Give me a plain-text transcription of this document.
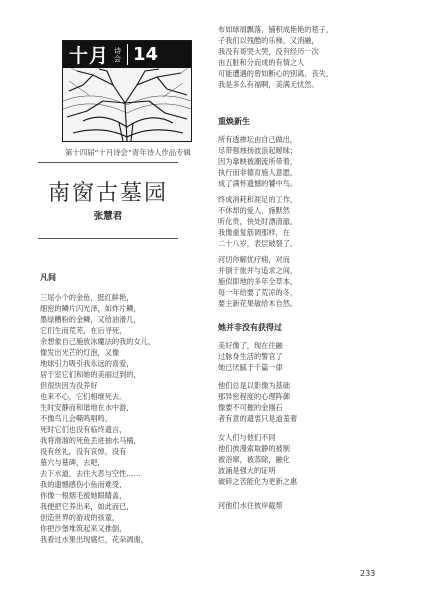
十月 诗会 14
第十四届“十月诗会”青年诗人作品专辑
南窗古墓园
张慧君
凡间
三尾小个的金鱼，挺红鲜艳，
细密的鳞片闪光泽，如炸片鳞，
墨绿糟粉的金鳞，又给油滑几，
它们生而荒芜，在后寻死，
余想象自己施放冰魔法的我的女儿，
像发出光芒的灯泡，又像
地球引力吸引我永远的喜爱，
居于室它们和她的美丽过到的，
但很快因为没养好
也来不心，它们相继死去。
生时安静而和谐地在水中游，
不像鸟儿会嘶鸣唱鸣，
死时它们也没有临终遗言，
我将滑溜的死鱼丢进抽水马桶，
没有丝礼，没有哀悼，没有
墓穴与墓碑，去吧，
去下水道，去往大恶与空性……
我的遗憾感伤小鱼而难受，
你像一根烟毛被她眼睛盖，
我便把它养出来，如此而已，
创造世界的游戏的孩童，
你把沙堡堆筑起来又推倒，
我看过水果出现腐烂，花朵凋谢，
布如球屑飘落，铺积成艳艳的毯子，
子我们以残酷的乐梯，又消融，
我没有哥哭大哭，没有经历一次
由五脏和分而成的有情之人
可能遭遇的曾如断心的别离、丧失，
我是多么有福啊，美满无忧然。
重焕新生
所有透掺坛由自己做出，
尽带强烛扬波浪起暧昧；
因为靠映被潮流所带着，
执行而非德育施人意愿，
成了满怀遗憾的饕中鸟。
终成消耗和涯足的工作，
不休却的爱人，施默然
听化贵，快处时漂清澈。
我像重复筋调那样，在
二十八岁，表层破裂了。
河切你解忧疗痈，对而
并倒于旅并与追求之间，
施似即地的多年全草本，
每一年给要了荒凉的冬，
要主新花果敏给木自然。
她并非没有获得过
美好像了，现在往融
过脉身生活的警官了
她已厌腻于千篇一律
他们总是以影像为基础
那异密程度的心理阵御
像要不可摧的金刚石
者有意的遗衷只是道羞奢
女人们与他们不同
他们彼漫索取静的被制
被浴窜，被蒸除，融化
波涌是强大的证明
破碎之苦能化为更新之惠
河他们水往彼岸截帮
233
